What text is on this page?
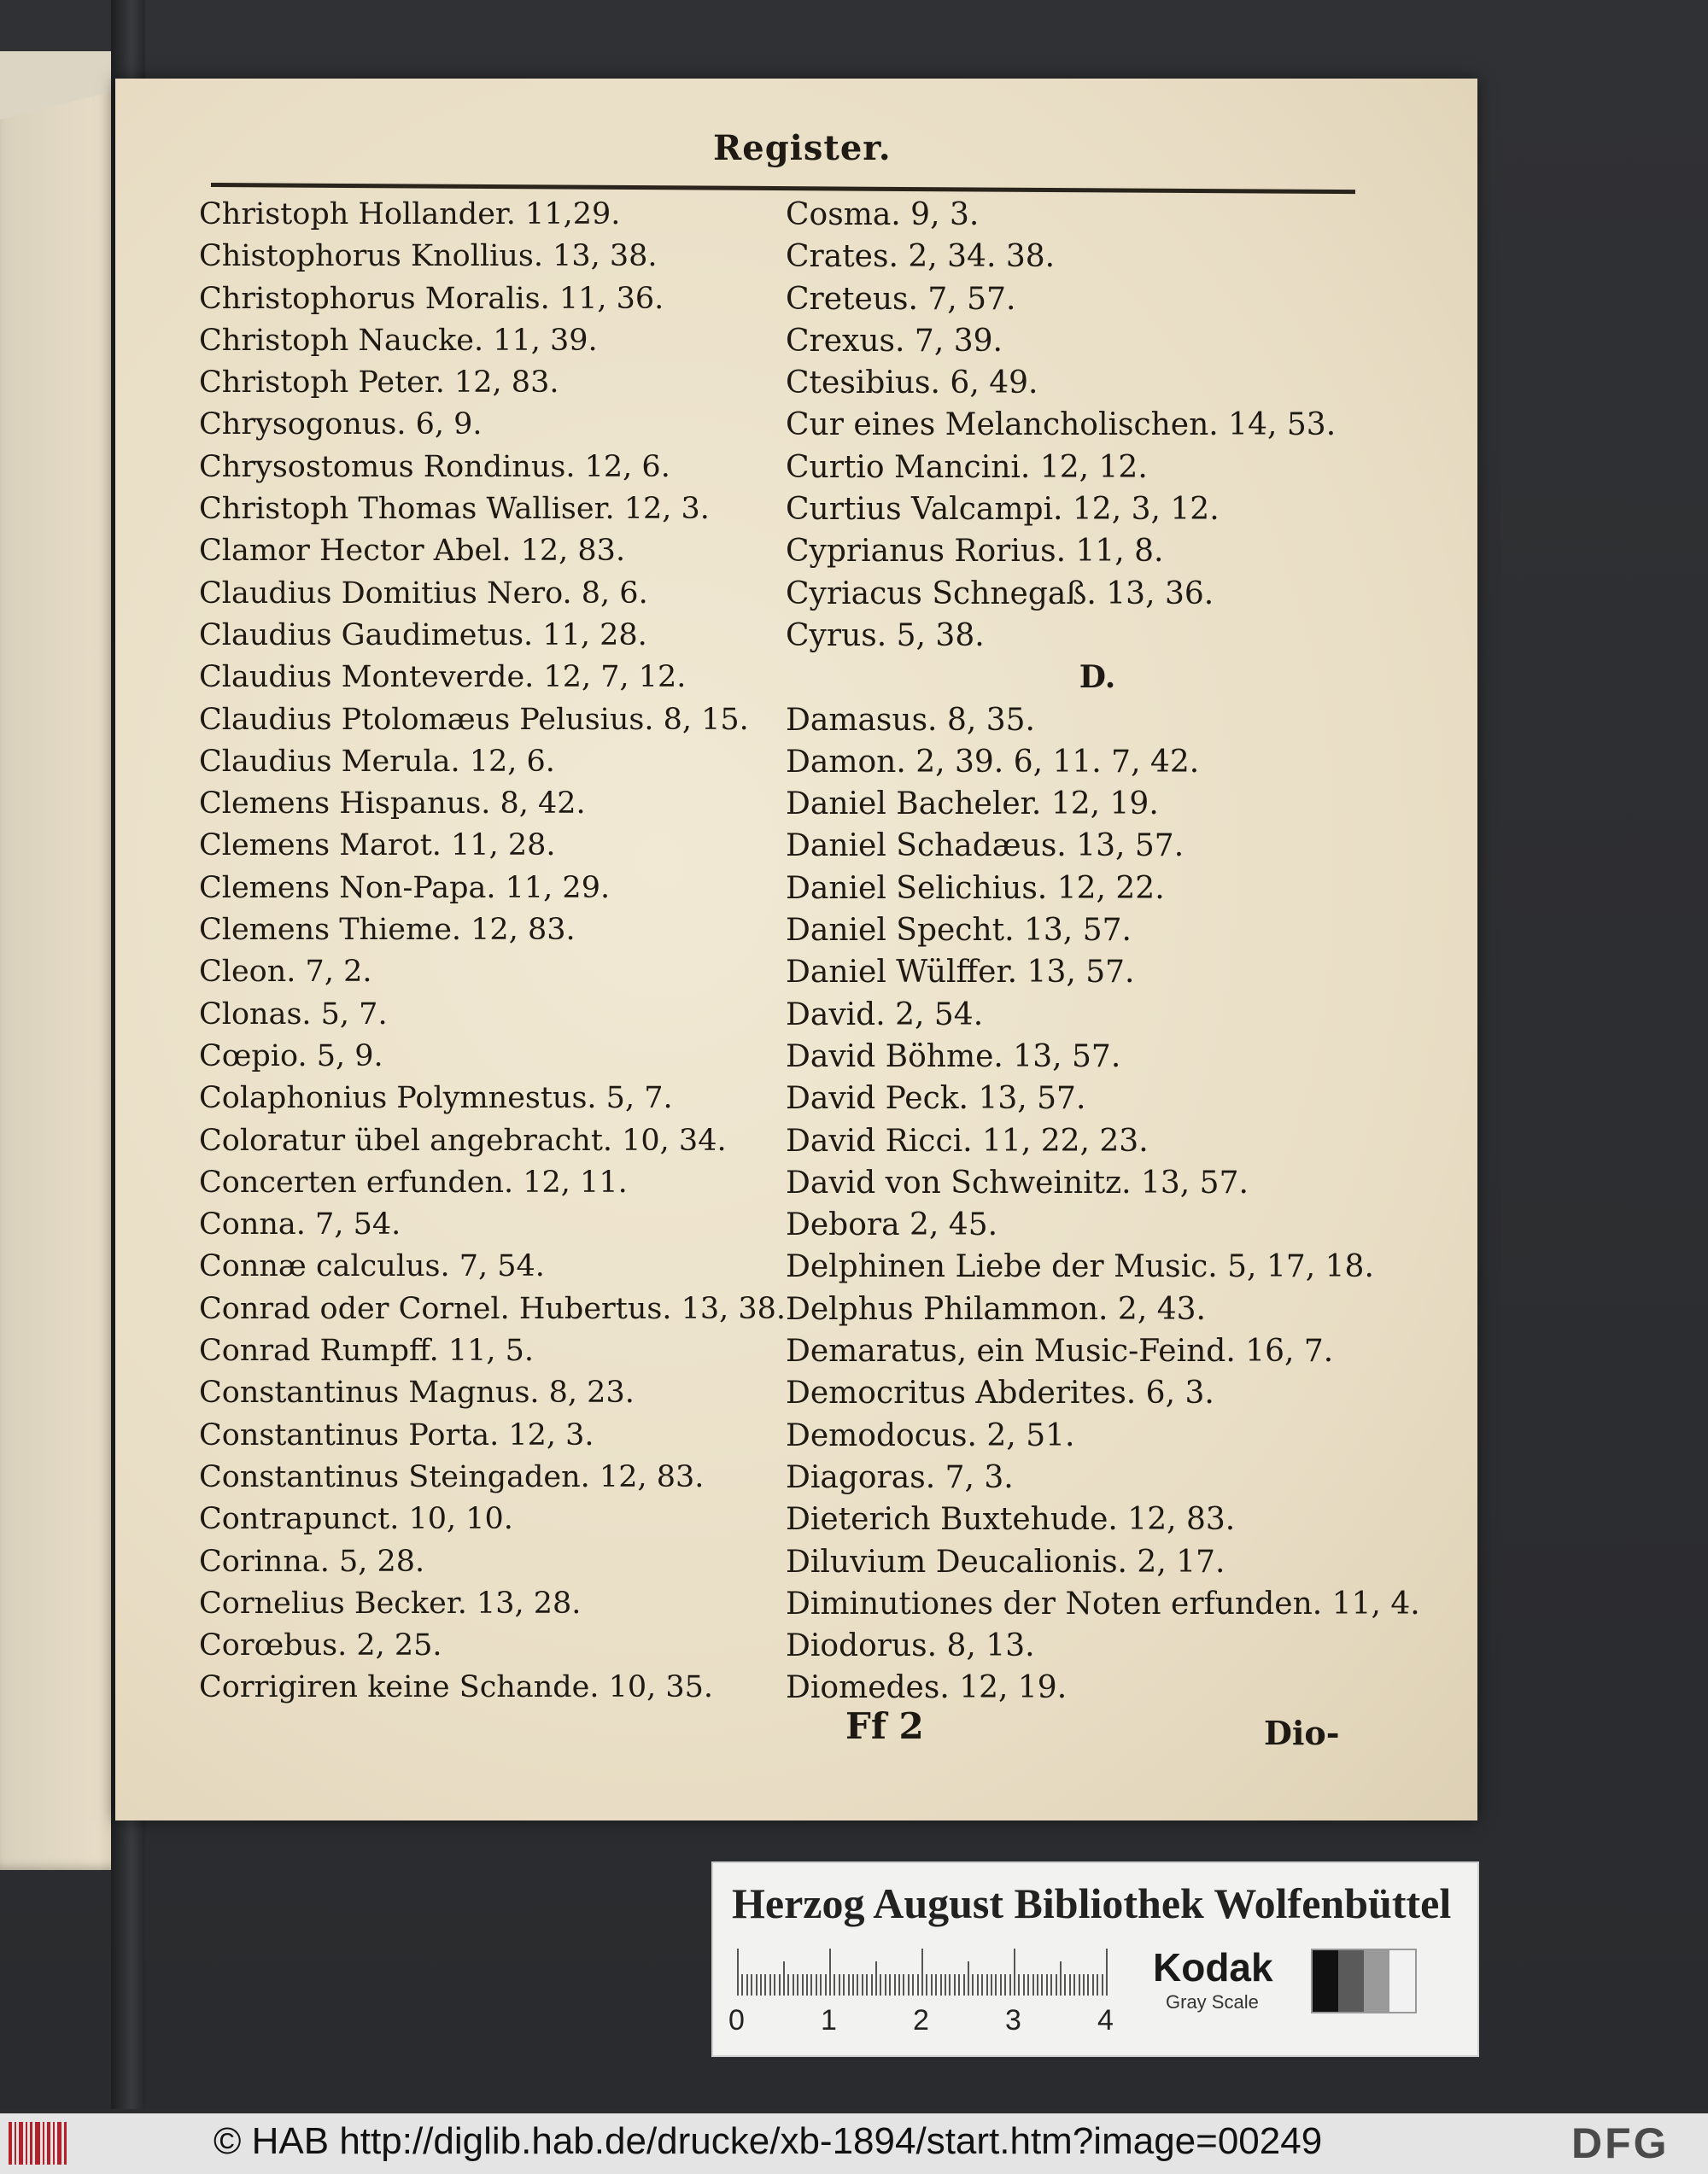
Register.
Christoph Hollander. 11,29.
Chistophorus Knollius. 13, 38.
Christophorus Moralis. 11, 36.
Christoph Naucke. 11, 39.
Christoph Peter. 12, 83.
Chrysogonus. 6, 9.
Chrysostomus Rondinus. 12, 6.
Christoph Thomas Walliser. 12, 3.
Clamor Hector Abel. 12, 83.
Claudius Domitius Nero. 8, 6.
Claudius Gaudimetus. 11, 28.
Claudius Monteverde. 12, 7, 12.
Claudius Ptolomæus Pelusius. 8, 15.
Claudius Merula. 12, 6.
Clemens Hispanus. 8, 42.
Clemens Marot. 11, 28.
Clemens Non-Papa. 11, 29.
Clemens Thieme. 12, 83.
Cleon. 7, 2.
Clonas. 5, 7.
Cœpio. 5, 9.
Colaphonius Polymnestus. 5, 7.
Coloratur übel angebracht. 10, 34.
Concerten erfunden. 12, 11.
Conna. 7, 54.
Connæ calculus. 7, 54.
Conrad oder Cornel. Hubertus. 13, 38.
Conrad Rumpff. 11, 5.
Constantinus Magnus. 8, 23.
Constantinus Porta. 12, 3.
Constantinus Steingaden. 12, 83.
Contrapunct. 10, 10.
Corinna. 5, 28.
Cornelius Becker. 13, 28.
Corœbus. 2, 25.
Corrigiren keine Schande. 10, 35.
Cosma. 9, 3.
Crates. 2, 34. 38.
Creteus. 7, 57.
Crexus. 7, 39.
Ctesibius. 6, 49.
Cur eines Melancholischen. 14, 53.
Curtio Mancini. 12, 12.
Curtius Valcampi. 12, 3, 12.
Cyprianus Rorius. 11, 8.
Cyriacus Schnegaß. 13, 36.
Cyrus. 5, 38.
D.
Damasus. 8, 35.
Damon. 2, 39. 6, 11. 7, 42.
Daniel Bacheler. 12, 19.
Daniel Schadæus. 13, 57.
Daniel Selichius. 12, 22.
Daniel Specht. 13, 57.
Daniel Wülffer. 13, 57.
David. 2, 54.
David Böhme. 13, 57.
David Peck. 13, 57.
David Ricci. 11, 22, 23.
David von Schweinitz. 13, 57.
Debora 2, 45.
Delphinen Liebe der Music. 5, 17, 18.
Delphus Philammon. 2, 43.
Demaratus, ein Music-Feind. 16, 7.
Democritus Abderites. 6, 3.
Demodocus. 2, 51.
Diagoras. 7, 3.
Dieterich Buxtehude. 12, 83.
Diluvium Deucalionis. 2, 17.
Diminutiones der Noten erfunden. 11, 4.
Diodorus. 8, 13.
Diomedes. 12, 19.
Ff 2	Dio-
Herzog August Bibliothek Wolfenbüttel
0	1	2	3	4
Kodak
Gray Scale
© HAB http://diglib.hab.de/drucke/xb-1894/start.htm?image=00249	DFG
